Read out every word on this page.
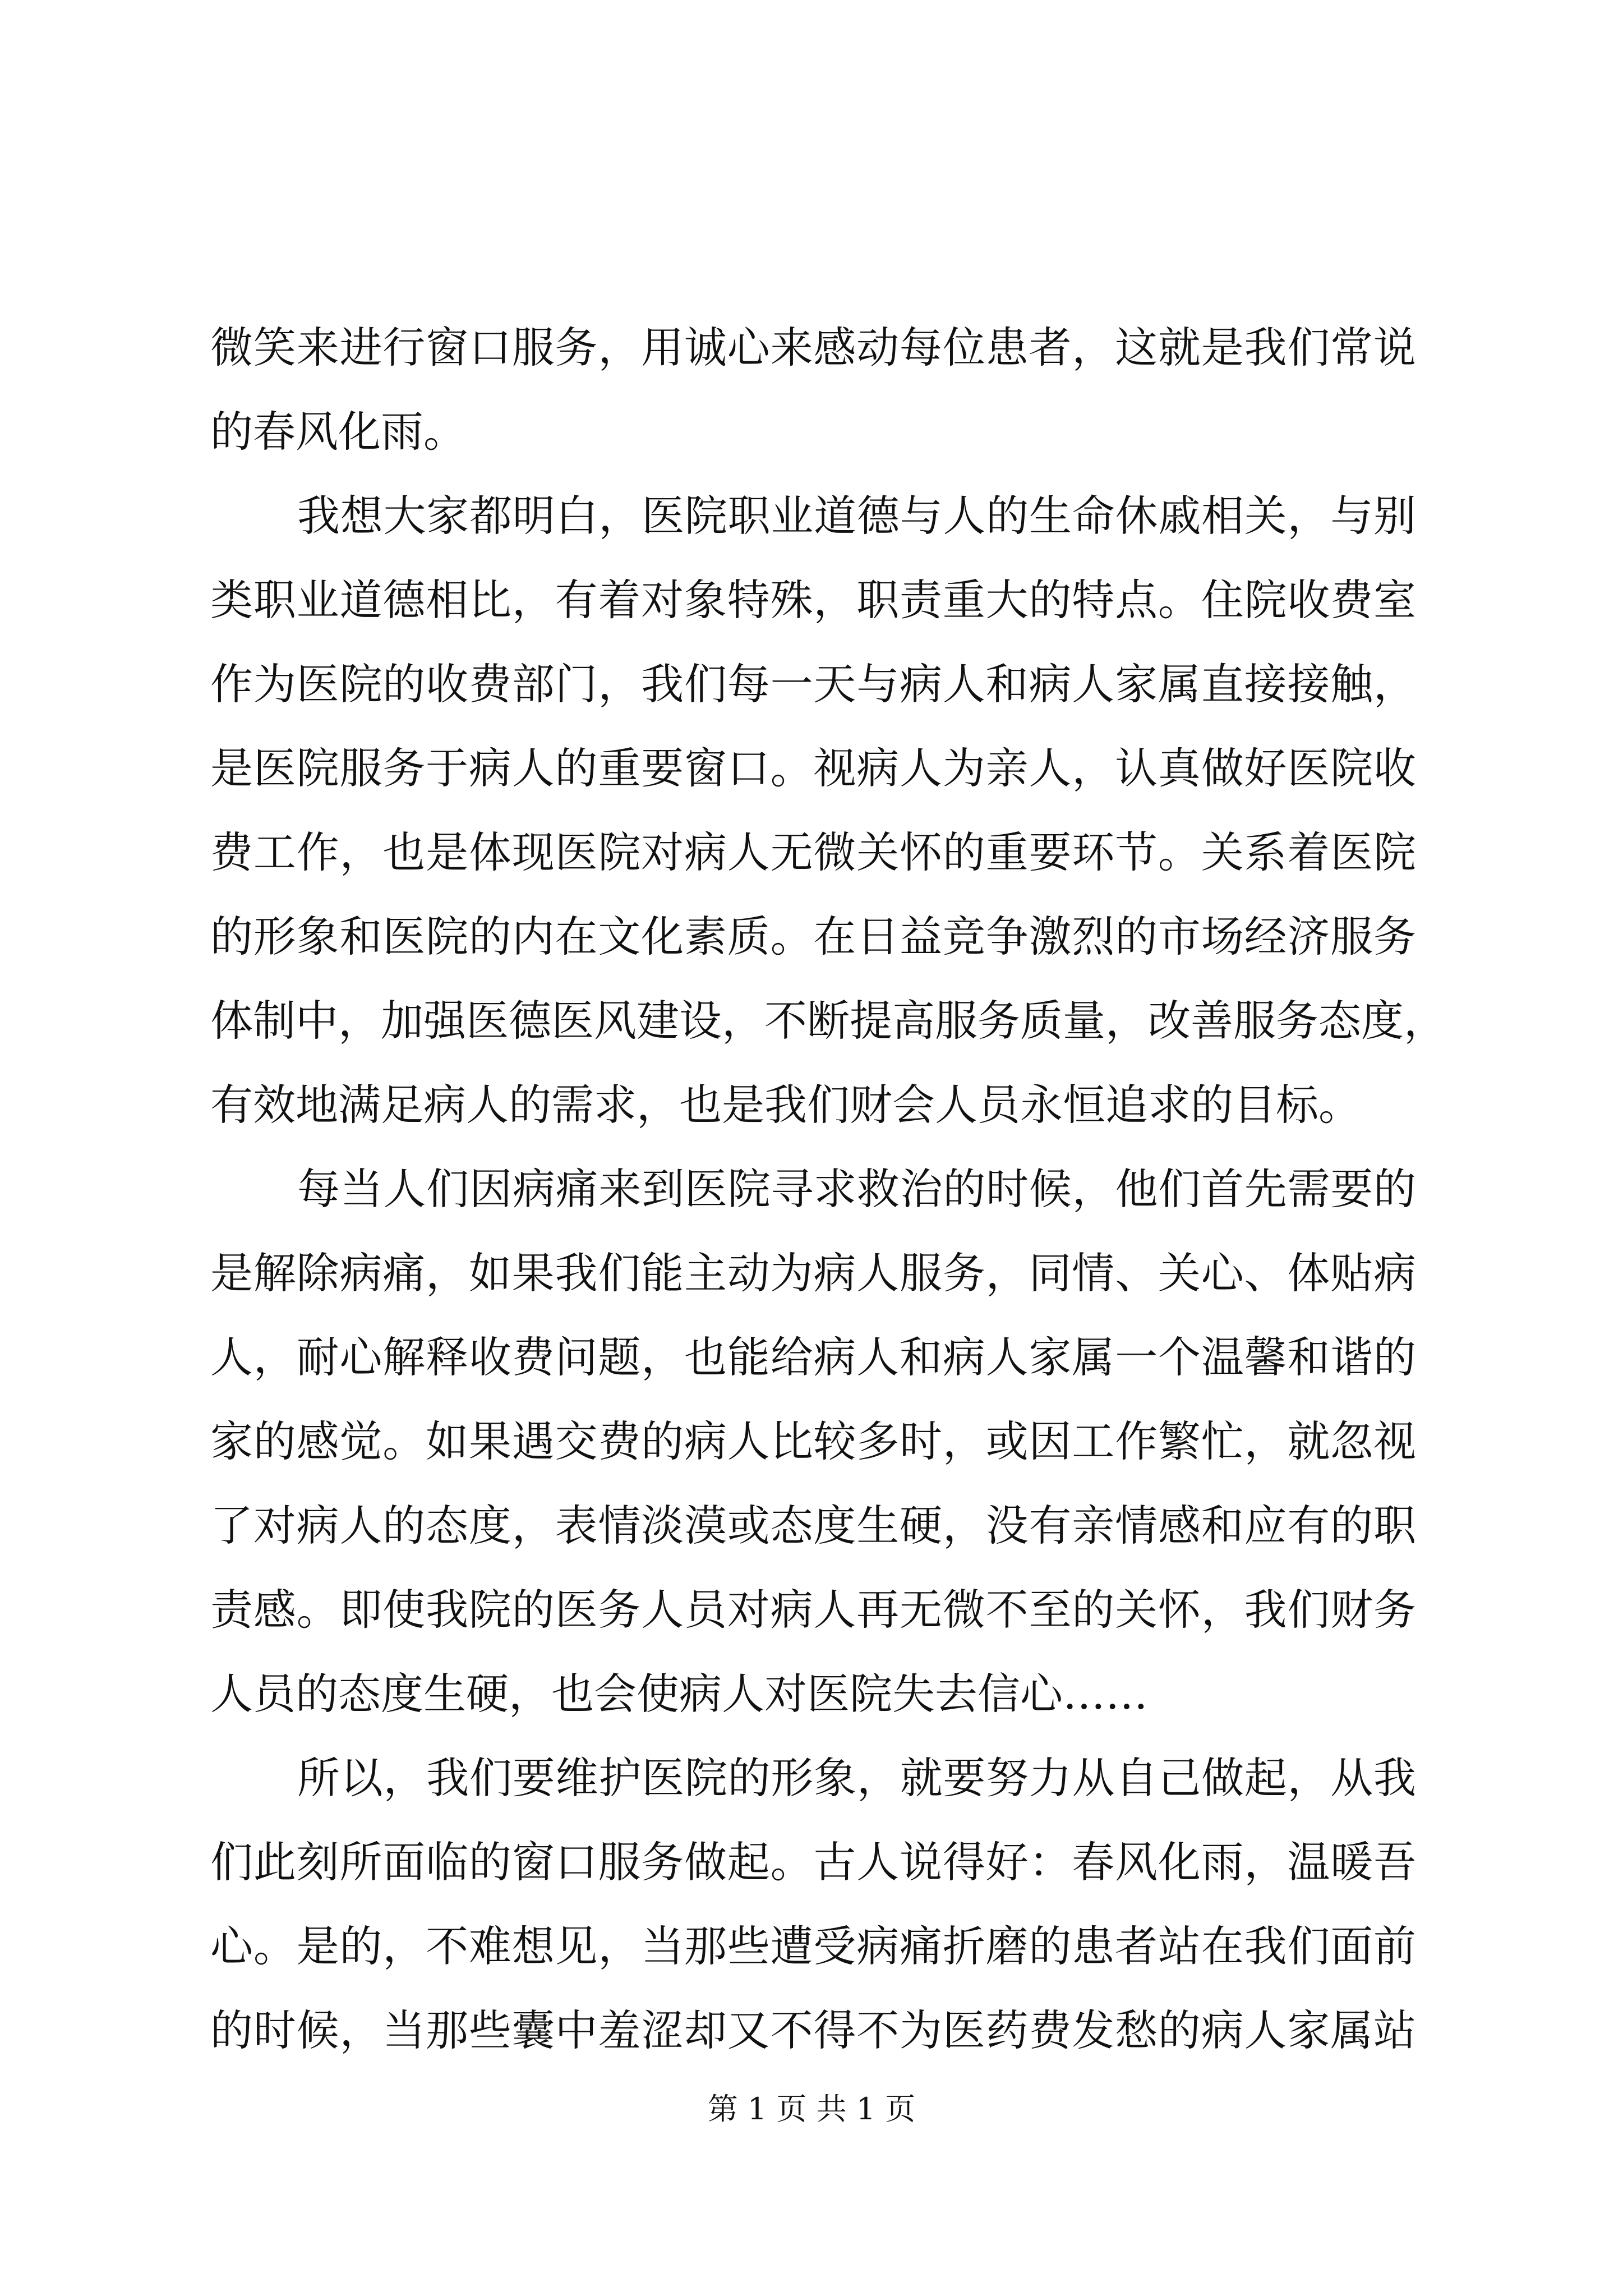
微笑来进行窗口服务，用诚心来感动每位患者，这就是我们常说
的春风化雨。
我想大家都明白，医院职业道德与人的生命休戚相关，与别
类职业道德相比，有着对象特殊，职责重大的特点。住院收费室
作为医院的收费部门，我们每一天与病人和病人家属直接接触，
是医院服务于病人的重要窗口。视病人为亲人，认真做好医院收
费工作，也是体现医院对病人无微关怀的重要环节。关系着医院
的形象和医院的内在文化素质。在日益竞争激烈的市场经济服务
体制中，加强医德医风建设，不断提高服务质量，改善服务态度，
有效地满足病人的需求，也是我们财会人员永恒追求的目标。
每当人们因病痛来到医院寻求救治的时候，他们首先需要的
是解除病痛，如果我们能主动为病人服务，同情、关心、体贴病
人，耐心解释收费问题，也能给病人和病人家属一个温馨和谐的
家的感觉。如果遇交费的病人比较多时，或因工作繁忙，就忽视
了对病人的态度，表情淡漠或态度生硬，没有亲情感和应有的职
责感。即使我院的医务人员对病人再无微不至的关怀，我们财务
人员的态度生硬，也会使病人对医院失去信心……
所以，我们要维护医院的形象，就要努力从自己做起，从我
们此刻所面临的窗口服务做起。古人说得好：春风化雨，温暖吾
心。是的，不难想见，当那些遭受病痛折磨的患者站在我们面前
的时候，当那些囊中羞涩却又不得不为医药费发愁的病人家属站
第 1 页 共 1 页
